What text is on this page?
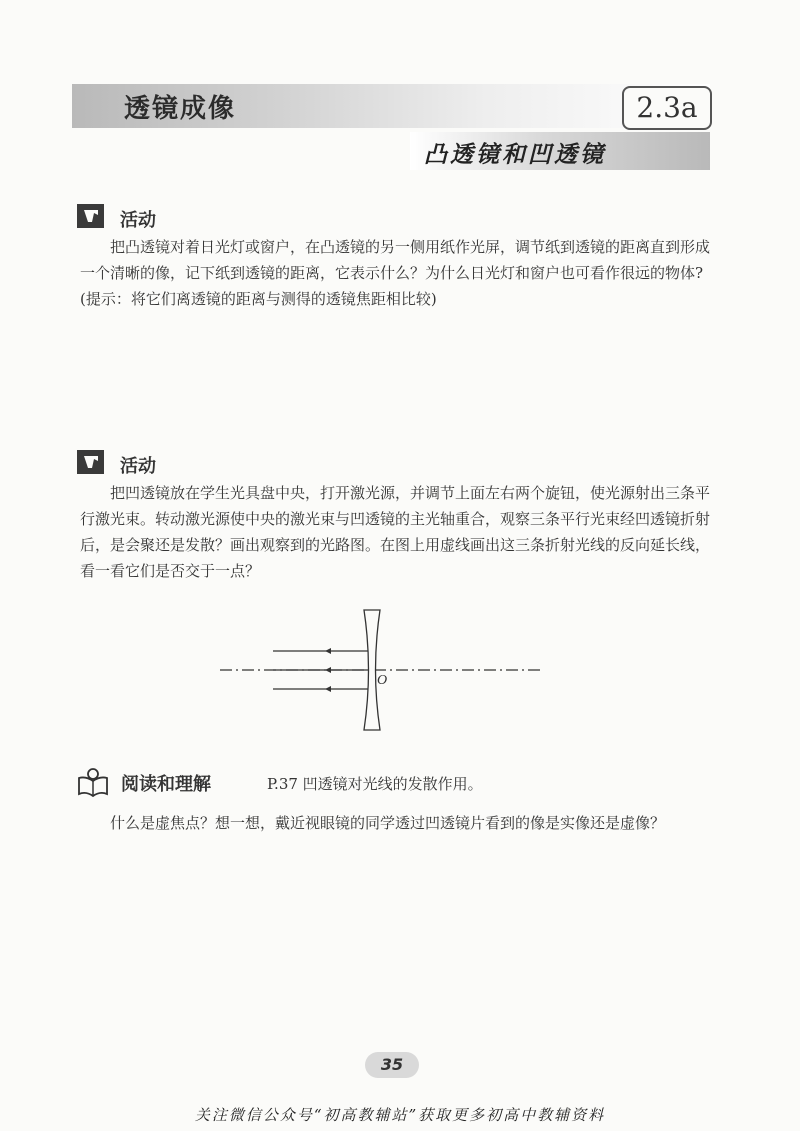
透镜成像	2.3a
凸透镜和凹透镜
活动

把凸透镜对着日光灯或窗户，在凸透镜的另一侧用纸作光屏，调节纸到透镜的距离直到形成一个清晰的像，记下纸到透镜的距离，它表示什么？为什么日光灯和窗户也可看作很远的物体?(提示：将它们离透镜的距离与测得的透镜焦距相比较)

活动

把凹透镜放在学生光具盘中央，打开激光源，并调节上面左右两个旋钮，使光源射出三条平行激光束。转动激光源使中央的激光束与凹透镜的主光轴重合，观察三条平行光束经凹透镜折射后，是会聚还是发散？画出观察到的光路图。在图上用虚线画出这三条折射光线的反向延长线，看一看它们是否交于一点？

O
阅读和理解	P.37 凹透镜对光线的发散作用。
什么是虚焦点？想一想，戴近视眼镜的同学透过凹透镜片看到的像是实像还是虚像？
35
关注微信公众号“初高教辅站”获取更多初高中教辅资料
